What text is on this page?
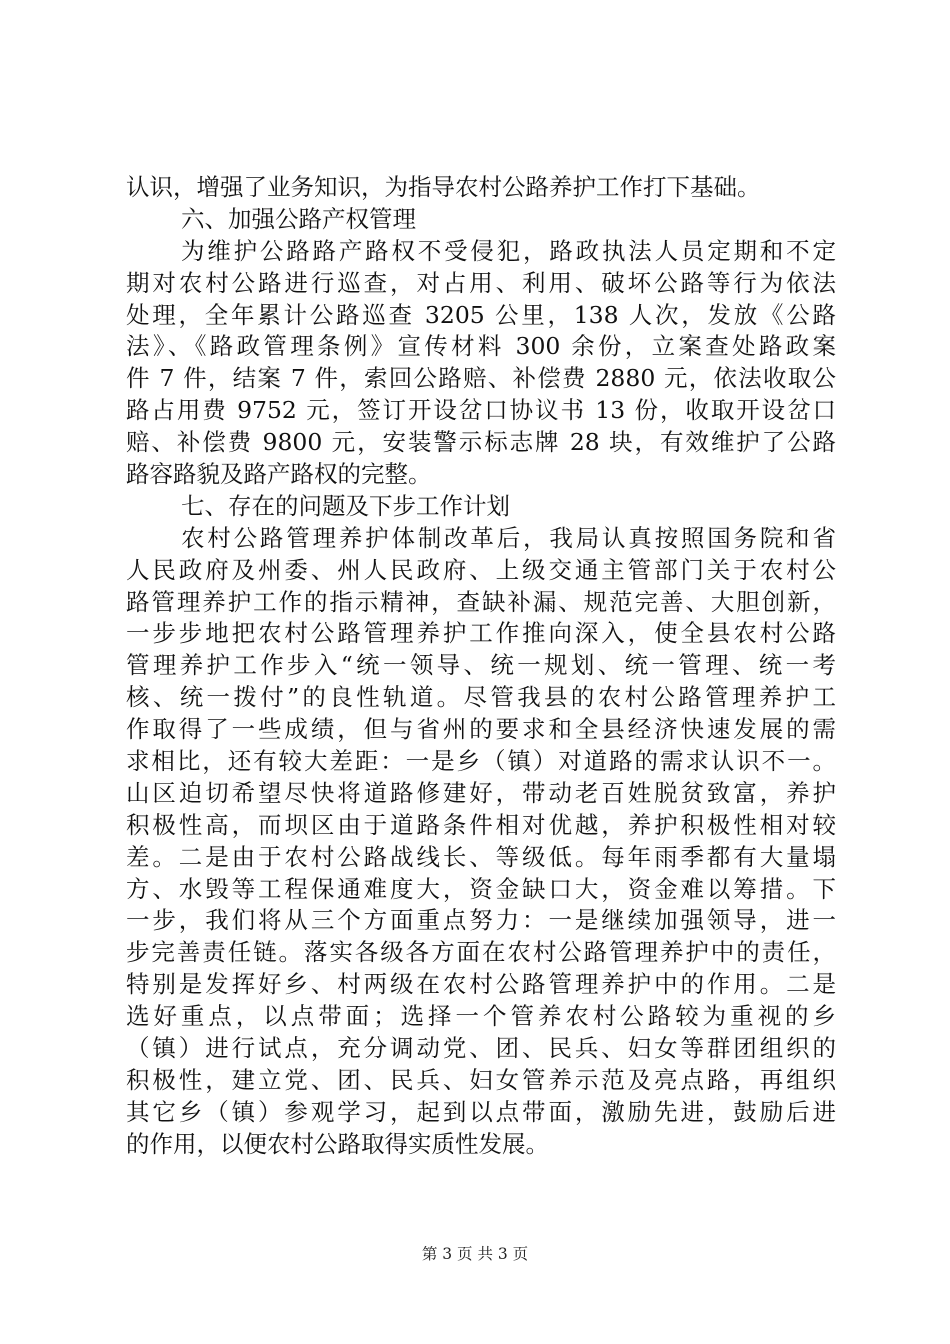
认识，增强了业务知识，为指导农村公路养护工作打下基础。
六、加强公路产权管理
为维护公路路产路权不受侵犯，路政执法人员定期和不定
期对农村公路进行巡查，对占用、利用、破坏公路等行为依法
处理，全年累计公路巡查 3205 公里，138 人次，发放《公路
法》、《路政管理条例》宣传材料 300 余份，立案查处路政案
件 7 件，结案 7 件，索回公路赔、补偿费 2880 元，依法收取公
路占用费 9752 元，签订开设岔口协议书 13 份，收取开设岔口
赔、补偿费 9800 元，安装警示标志牌 28 块，有效维护了公路
路容路貌及路产路权的完整。
七、存在的问题及下步工作计划
农村公路管理养护体制改革后，我局认真按照国务院和省
人民政府及州委、州人民政府、上级交通主管部门关于农村公
路管理养护工作的指示精神，查缺补漏、规范完善、大胆创新，
一步步地把农村公路管理养护工作推向深入，使全县农村公路
管理养护工作步入“统一领导、统一规划、统一管理、统一考
核、统一拨付”的良性轨道。尽管我县的农村公路管理养护工
作取得了一些成绩，但与省州的要求和全县经济快速发展的需
求相比，还有较大差距：一是乡（镇）对道路的需求认识不一。
山区迫切希望尽快将道路修建好，带动老百姓脱贫致富，养护
积极性高，而坝区由于道路条件相对优越，养护积极性相对较
差。二是由于农村公路战线长、等级低。每年雨季都有大量塌
方、水毁等工程保通难度大，资金缺口大，资金难以筹措。下
一步，我们将从三个方面重点努力：一是继续加强领导，进一
步完善责任链。落实各级各方面在农村公路管理养护中的责任，
特别是发挥好乡、村两级在农村公路管理养护中的作用。二是
选好重点，以点带面；选择一个管养农村公路较为重视的乡
（镇）进行试点，充分调动党、团、民兵、妇女等群团组织的
积极性，建立党、团、民兵、妇女管养示范及亮点路，再组织
其它乡（镇）参观学习，起到以点带面，激励先进，鼓励后进
的作用，以便农村公路取得实质性发展。
第 3 页 共 3 页
